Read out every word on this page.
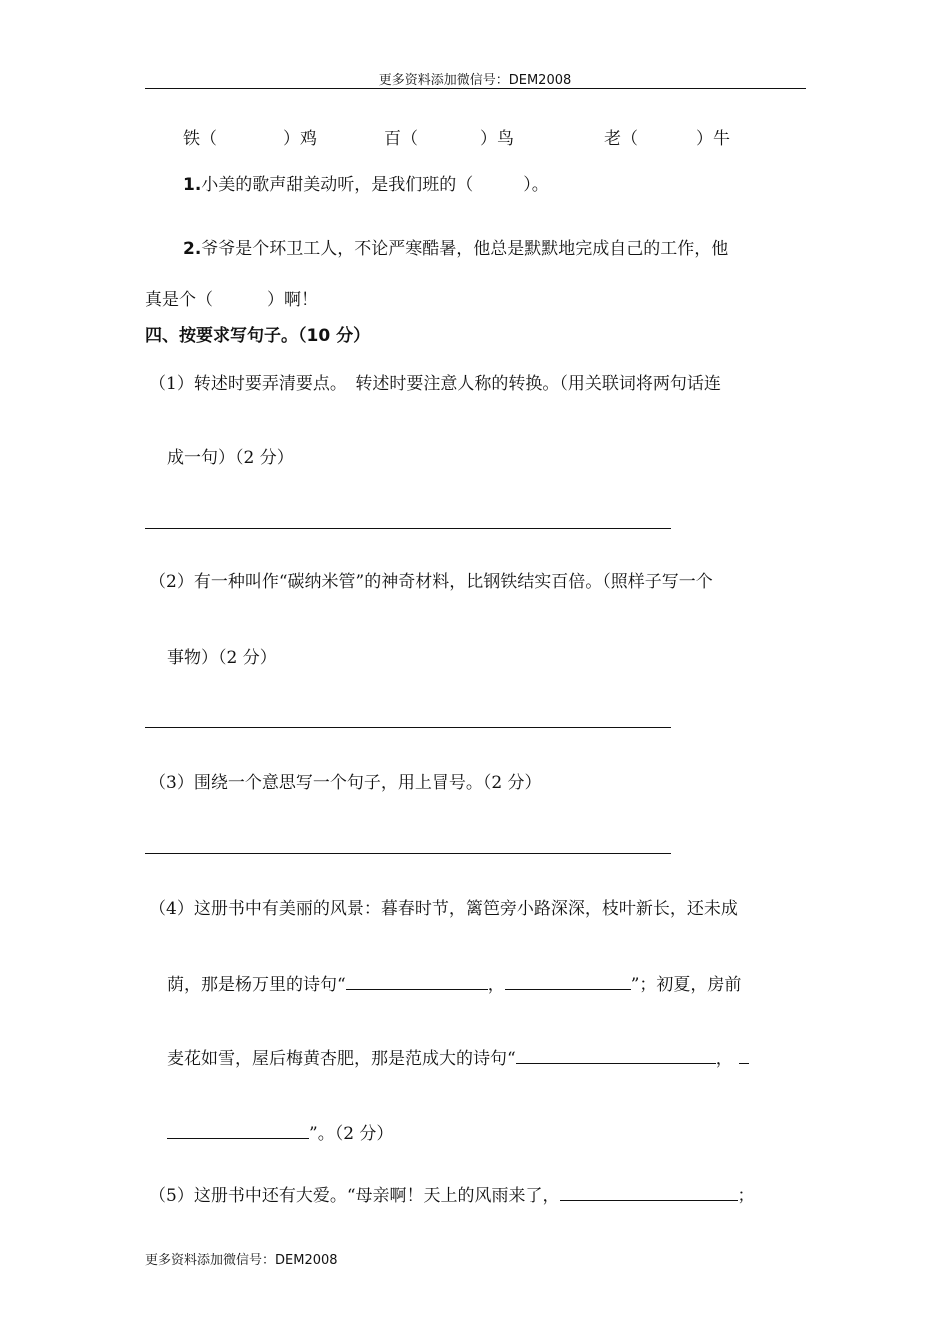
更多资料添加微信号：DEM2008
铁（	）鸡	百（	）鸟	老（	）牛
1.小美的歌声甜美动听，是我们班的（	）。
2.爷爷是个环卫工人，不论严寒酷暑，他总是默默地完成自己的工作，他
真是个（	）啊！
四、按要求写句子。（10 分）
（1）转述时要弄清要点。　转述时要注意人称的转换。（用关联词将两句话连
成一句）（2 分）
（2）有一种叫作“碳纳米管”的神奇材料，比钢铁结实百倍。（照样子写一个
事物）（2 分）
（3）围绕一个意思写一个句子，用上冒号。（2 分）
（4）这册书中有美丽的风景：暮春时节，篱笆旁小路深深，枝叶新长，还未成
荫，那是杨万里的诗句“	，	”；初夏，房前
麦花如雪，屋后梅黄杏肥，那是范成大的诗句“	，
”。（2 分）
（5）这册书中还有大爱。“母亲啊！天上的风雨来了，	；
更多资料添加微信号：DEM2008
